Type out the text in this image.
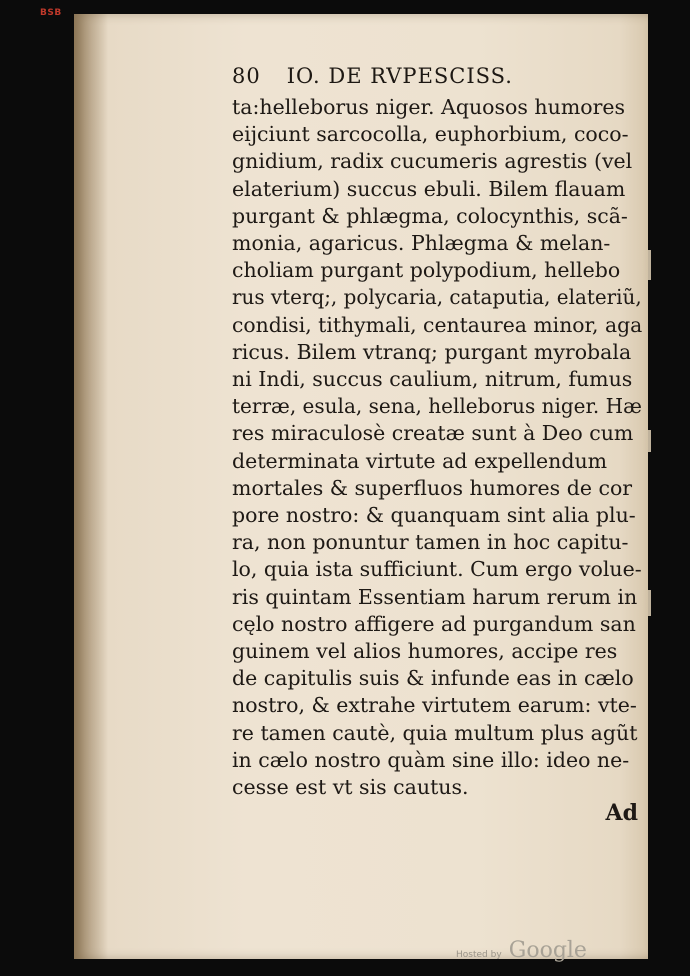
BSB
80 IO. DE RVPESCISS.
ta:helleborus niger. Aquosos humores
eijciunt sarcocolla, euphorbium, coco-
gnidium, radix cucumeris agrestis (vel
elaterium) succus ebuli. Bilem flauam
purgant & phlægma, colocynthis, scã-
monia, agaricus. Phlægma & melan-
choliam purgant polypodium, hellebo
rus vterq;, polycaria, cataputia, elateriũ,
condisi, tithymali, centaurea minor, aga
ricus. Bilem vtranq; purgant myrobala
ni Indi, succus caulium, nitrum, fumus
terræ, esula, sena, helleborus niger. Hæ
res miraculosè creatæ sunt à Deo cum
determinata virtute ad expellendum
mortales & superfluos humores de cor
pore nostro: & quanquam sint alia plu-
ra, non ponuntur tamen in hoc capitu-
lo, quia ista sufficiunt. Cum ergo volue-
ris quintam Essentiam harum rerum in
cęlo nostro affigere ad purgandum san
guinem vel alios humores, accipe res
de capitulis suis & infunde eas in cælo
nostro, & extrahe virtutem earum: vte-
re tamen cautè, quia multum plus agũt
in cælo nostro quàm sine illo: ideo ne-
cesse est vt sis cautus.
Ad
Hosted by Google
